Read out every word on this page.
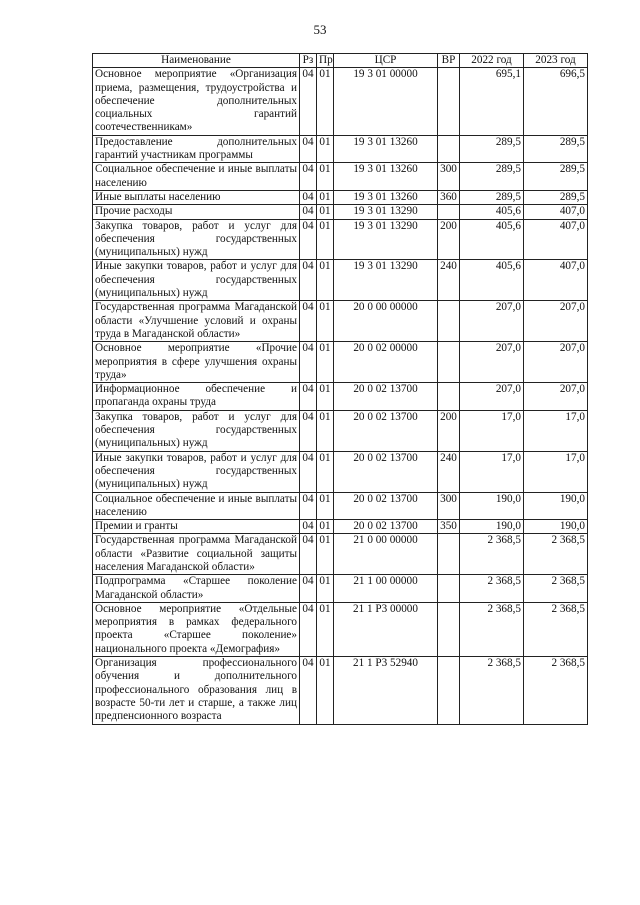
53
Наименование	Рз	Пр	ЦСР	ВР	2022 год	2023 год
Основное мероприятие «Организация приема, размещения, трудоустройства и обеспечение дополнительных социальных гарантий соотечественникам»	04	01	19 3 01 00000		695,1	696,5
Предоставление дополнительных гарантий участникам программы	04	01	19 3 01 13260		289,5	289,5
Социальное обеспечение и иные выплаты населению	04	01	19 3 01 13260	300	289,5	289,5
Иные выплаты населению	04	01	19 3 01 13260	360	289,5	289,5
Прочие расходы	04	01	19 3 01 13290		405,6	407,0
Закупка товаров, работ и услуг для обеспечения государственных (муниципальных) нужд	04	01	19 3 01 13290	200	405,6	407,0
Иные закупки товаров, работ и услуг для обеспечения государственных (муниципальных) нужд	04	01	19 3 01 13290	240	405,6	407,0
Государственная программа Магаданской области «Улучшение условий и охраны труда в Магаданской области»	04	01	20 0 00 00000		207,0	207,0
Основное мероприятие «Прочие мероприятия в сфере улучшения охраны труда»	04	01	20 0 02 00000		207,0	207,0
Информационное обеспечение и пропаганда охраны труда	04	01	20 0 02 13700		207,0	207,0
Закупка товаров, работ и услуг для обеспечения государственных (муниципальных) нужд	04	01	20 0 02 13700	200	17,0	17,0
Иные закупки товаров, работ и услуг для обеспечения государственных (муниципальных) нужд	04	01	20 0 02 13700	240	17,0	17,0
Социальное обеспечение и иные выплаты населению	04	01	20 0 02 13700	300	190,0	190,0
Премии и гранты	04	01	20 0 02 13700	350	190,0	190,0
Государственная программа Магаданской области «Развитие социальной защиты населения Магаданской области»	04	01	21 0 00 00000		2 368,5	2 368,5
Подпрограмма «Старшее поколение Магаданской области»	04	01	21 1 00 00000		2 368,5	2 368,5
Основное мероприятие «Отдельные мероприятия в рамках федерального проекта «Старшее поколение» национального проекта «Демография»	04	01	21 1 P3 00000		2 368,5	2 368,5
Организация профессионального обучения и дополнительного профессионального образования лиц в возрасте 50-ти лет и старше, а также лиц предпенсионного возраста	04	01	21 1 P3 52940		2 368,5	2 368,5
